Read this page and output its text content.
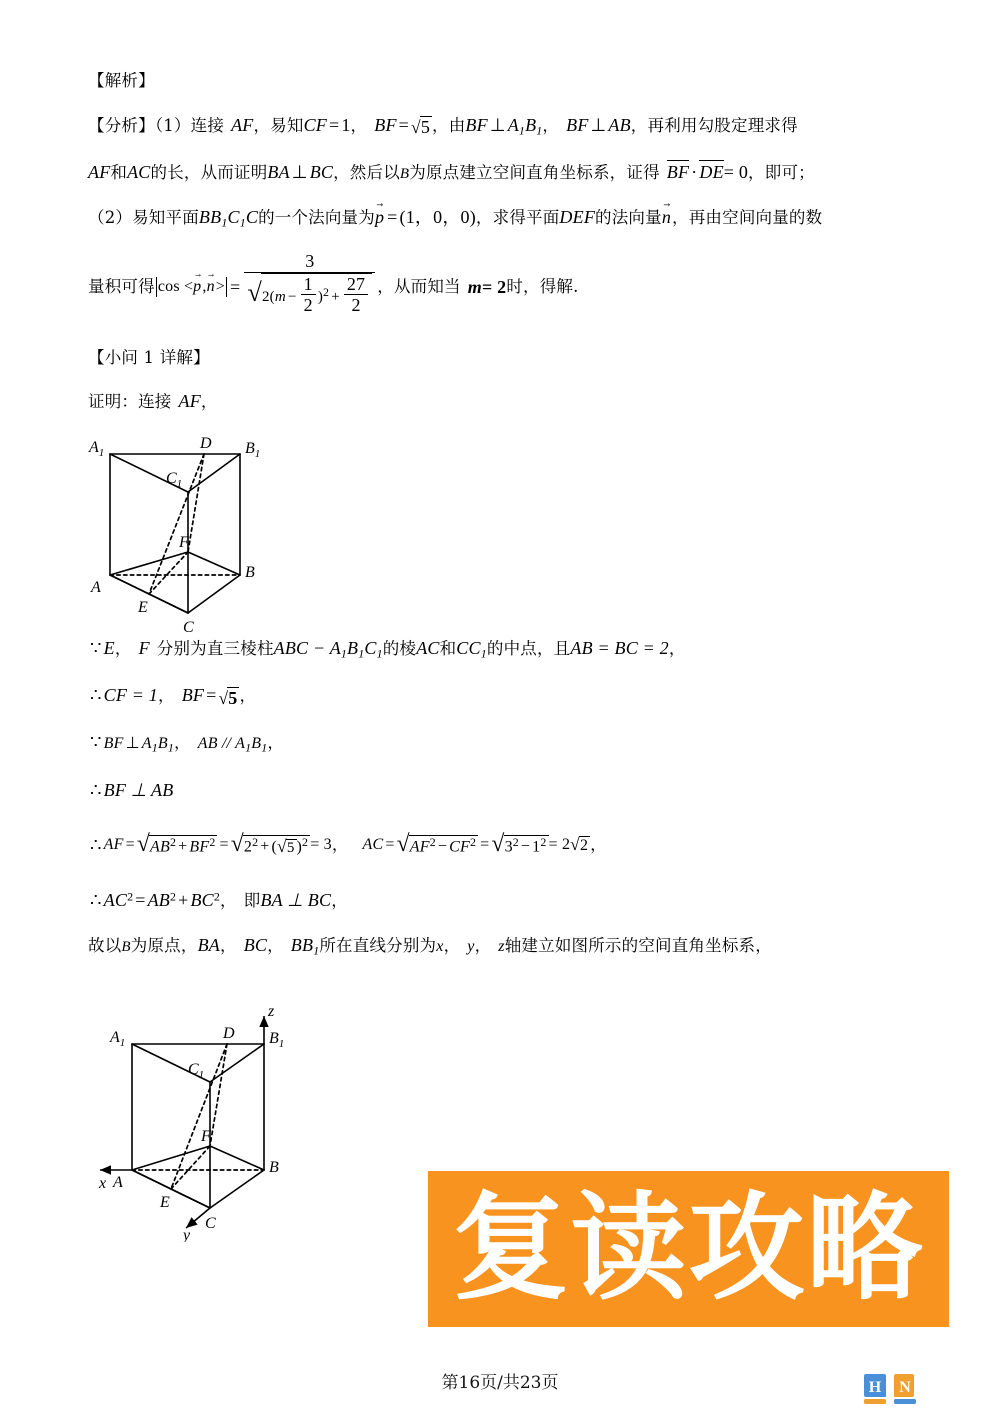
【解析】
【分析】（1）连接 AF，易知CF = 1， BF = √5 ，由BF ⊥ $A_1B_1$， BF ⊥ AB，再利用勾股定理求得
AF和AC的长，从而证明BA ⊥ BC，然后以B为原点建立空间直角坐标系，证得 BF · DE= 0，即可；
（2）易知平面$BB_1C_1C$的一个法向量为p → = (1，0，0)，求得平面DEF的法向量n →，再由空间向量的数
量积可得 cos < p → , n → > = $\frac{3}{√2(m - \frac{1}{2} )^2 + \frac{27}{2}}$ ，从而知当 m = 2 时，得解.
【小问 1 详解】
证明：连接 AF，
∵ E， F 分别为直三棱柱ABC − $A_1B_1C_1$的棱AC和$CC_1$的中点，且AB = BC = 2，
∴ CF = 1， BF = √5 ，
∵ BF ⊥ $A_1B_1$， AB // $A_1B_1$，
∴ BF ⊥ AB
∴ AF = $√AB^2 + BF^2 = √2^2 + (√5$ )$^2$ = 3 ， AC = $√AF^2 - CF^2 = √3^2 - 1^2 = 2$ √2 ，
∴ $AC^2 = AB^2 + BC^2$， 即BA ⊥ BC，
故以B为原点，BA， BC， $BB_1$所在直线分别为x， y， z轴建立如图所示的空间直角坐标系，
$A_1$	$B_1$
$C_1$
D
A
B
C
E
F
$A_1$	$B_1$
$C_1$
D
A
B
C
E
F
z
x
y 复读攻略
第16页/共23页	H N
